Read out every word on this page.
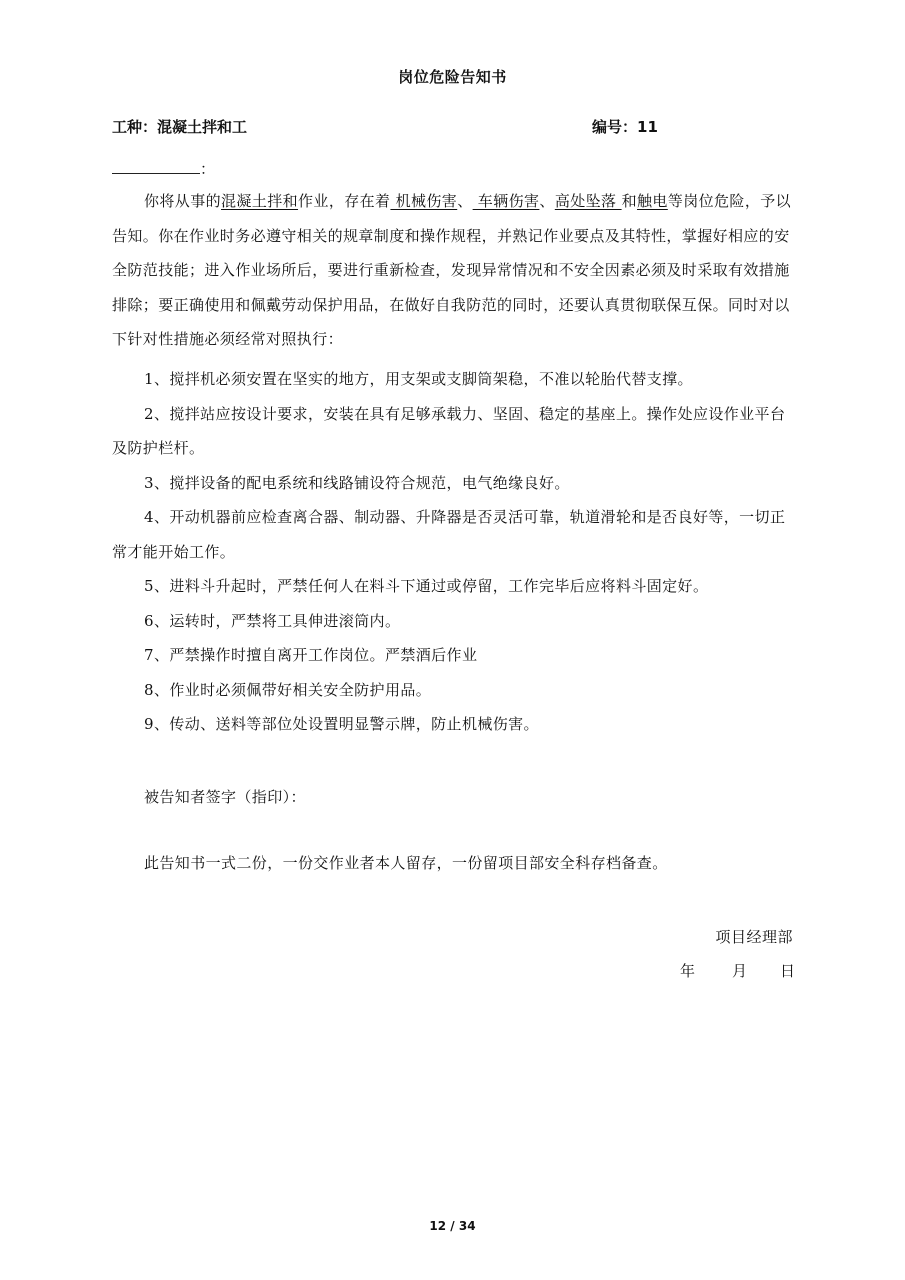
岗位危险告知书
工种：混凝土拌和工	编号：11
：
你将从事的混凝土拌和作业，存在着 机械伤害、 车辆伤害、高处坠落 和触电等岗位危险，予以告知。你在作业时务必遵守相关的规章制度和操作规程，并熟记作业要点及其特性，掌握好相应的安全防范技能；进入作业场所后，要进行重新检查，发现异常情况和不安全因素必须及时采取有效措施排除；要正确使用和佩戴劳动保护用品，在做好自我防范的同时，还要认真贯彻联保互保。同时对以下针对性措施必须经常对照执行：

1、搅拌机必须安置在坚实的地方，用支架或支脚筒架稳，不准以轮胎代替支撑。

2、搅拌站应按设计要求，安装在具有足够承载力、坚固、稳定的基座上。操作处应设作业平台及防护栏杆。

3、搅拌设备的配电系统和线路铺设符合规范，电气绝缘良好。

4、开动机器前应检查离合器、制动器、升降器是否灵活可靠，轨道滑轮和是否良好等，一切正常才能开始工作。

5、进料斗升起时，严禁任何人在料斗下通过或停留，工作完毕后应将料斗固定好。

6、运转时，严禁将工具伸进滚筒内。

7、严禁操作时擅自离开工作岗位。严禁酒后作业

8、作业时必须佩带好相关安全防护用品。

9、传动、送料等部位处设置明显警示牌，防止机械伤害。

被告知者签字（指印）：
此告知书一式二份，一份交作业者本人留存，一份留项目部安全科存档备查。
项目经理部
年 月 日
12 / 34
